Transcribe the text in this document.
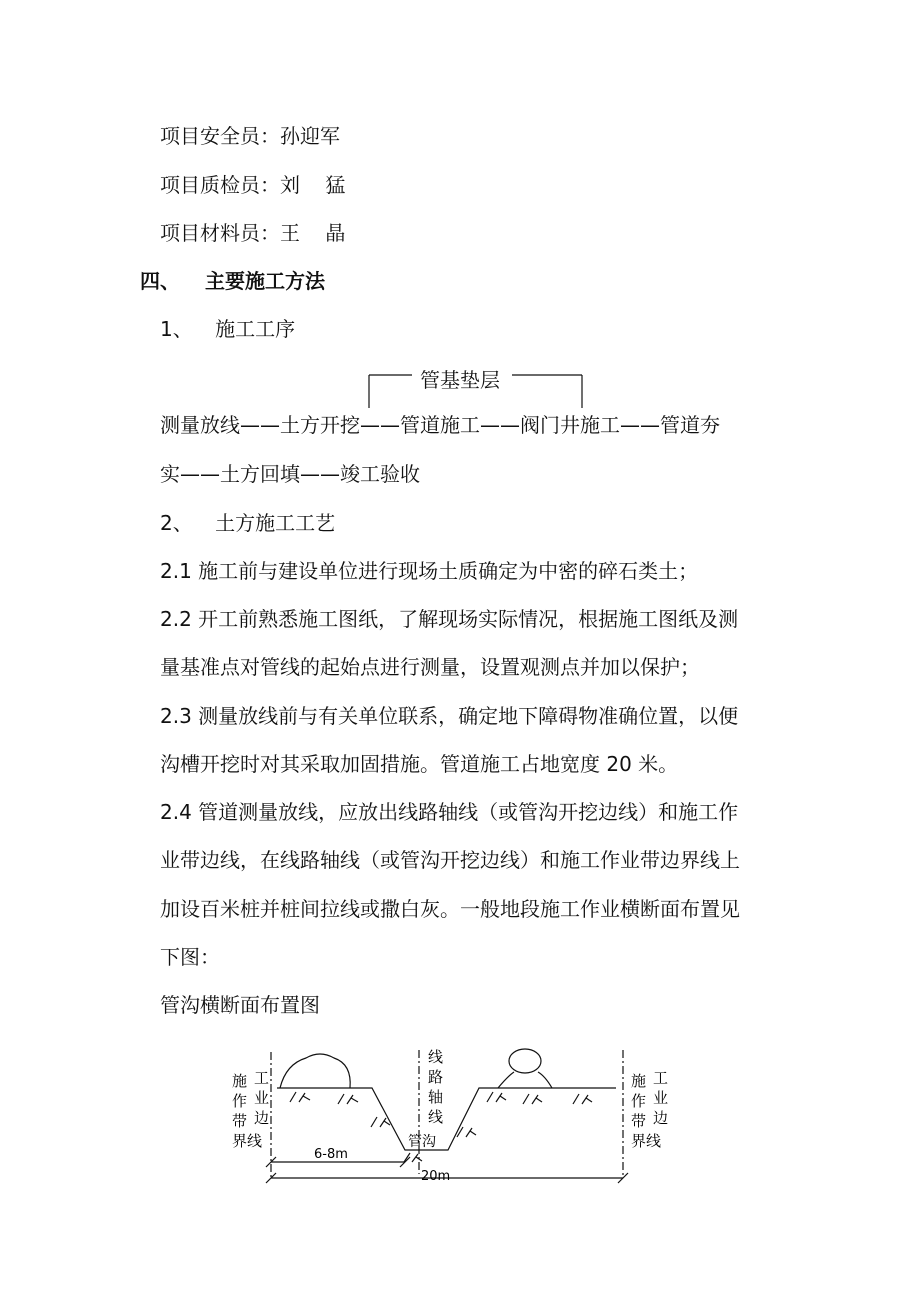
项目安全员：孙迎军
项目质检员：刘    猛
项目材料员：王    晶
四、 主要施工方法
1、 施工工序
管基垫层
测量放线——土方开挖——管道施工——阀门井施工——管道夯
实——土方回填——竣工验收
2、 土方施工工艺
2.1 施工前与建设单位进行现场土质确定为中密的碎石类土；
2.2 开工前熟悉施工图纸，了解现场实际情况，根据施工图纸及测
量基准点对管线的起始点进行测量，设置观测点并加以保护；
2.3 测量放线前与有关单位联系，确定地下障碍物准确位置，以便
沟槽开挖时对其采取加固措施。管道施工占地宽度 20 米。
2.4 管道测量放线，应放出线路轴线（或管沟开挖边线）和施工作
业带边线，在线路轴线（或管沟开挖边线）和施工作业带边界线上
加设百米桩并桩间拉线或撒白灰。一般地段施工作业横断面布置见
下图：
管沟横断面布置图
施 工
作 业
带 边
界线
线
路
轴
线
管沟
施 工
作 业
带 边
界线
6-8m
20m
